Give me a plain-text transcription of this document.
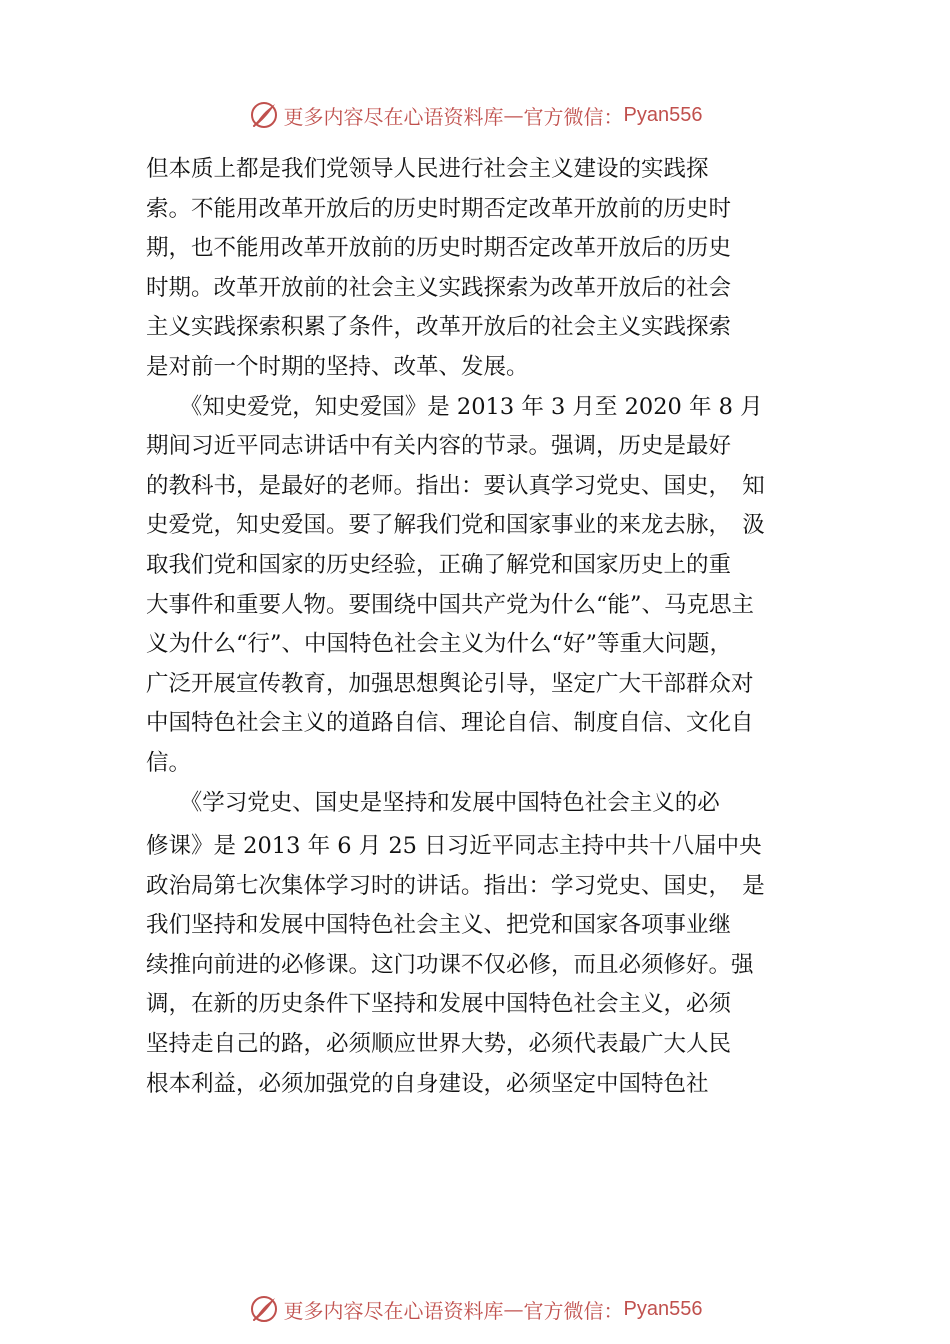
更多内容尽在心语资料库 — 官方微信： Pyan556
但本质上都是我们党领导人民进行社会主义建设的实践探
索。不能用改革开放后的历史时期否定改革开放前的历史时
期，也不能用改革开放前的历史时期否定改革开放后的历史
时期。改革开放前的社会主义实践探索为改革开放后的社会
主义实践探索积累了条件，改革开放后的社会主义实践探索
是对前一个时期的坚持、改革、发展。
　　《知史爱党，知史爱国》是 2013 年 3 月至 2020 年 8 月
期间习近平同志讲话中有关内容的节录。强调，历史是最好
的教科书，是最好的老师。指出：要认真学习党史、国史，　知
史爱党，知史爱国。要了解我们党和国家事业的来龙去脉，　汲
取我们党和国家的历史经验，正确了解党和国家历史上的重
大事件和重要人物。要围绕中国共产党为什么“能”、马克思主
义为什么“行”、中国特色社会主义为什么“好”等重大问题，
广泛开展宣传教育，加强思想舆论引导，坚定广大干部群众对
中国特色社会主义的道路自信、理论自信、制度自信、文化自
信。
　　《学习党史、国史是坚持和发展中国特色社会主义的必
修课》是 2013 年 6 月 25 日习近平同志主持中共十八届中央
政治局第七次集体学习时的讲话。指出：学习党史、国史，　是
我们坚持和发展中国特色社会主义、把党和国家各项事业继
续推向前进的必修课。这门功课不仅必修，而且必须修好。强
调，在新的历史条件下坚持和发展中国特色社会主义，必须
坚持走自己的路，必须顺应世界大势，必须代表最广大人民
根本利益，必须加强党的自身建设，必须坚定中国特色社
更多内容尽在心语资料库 — 官方微信： Pyan556
